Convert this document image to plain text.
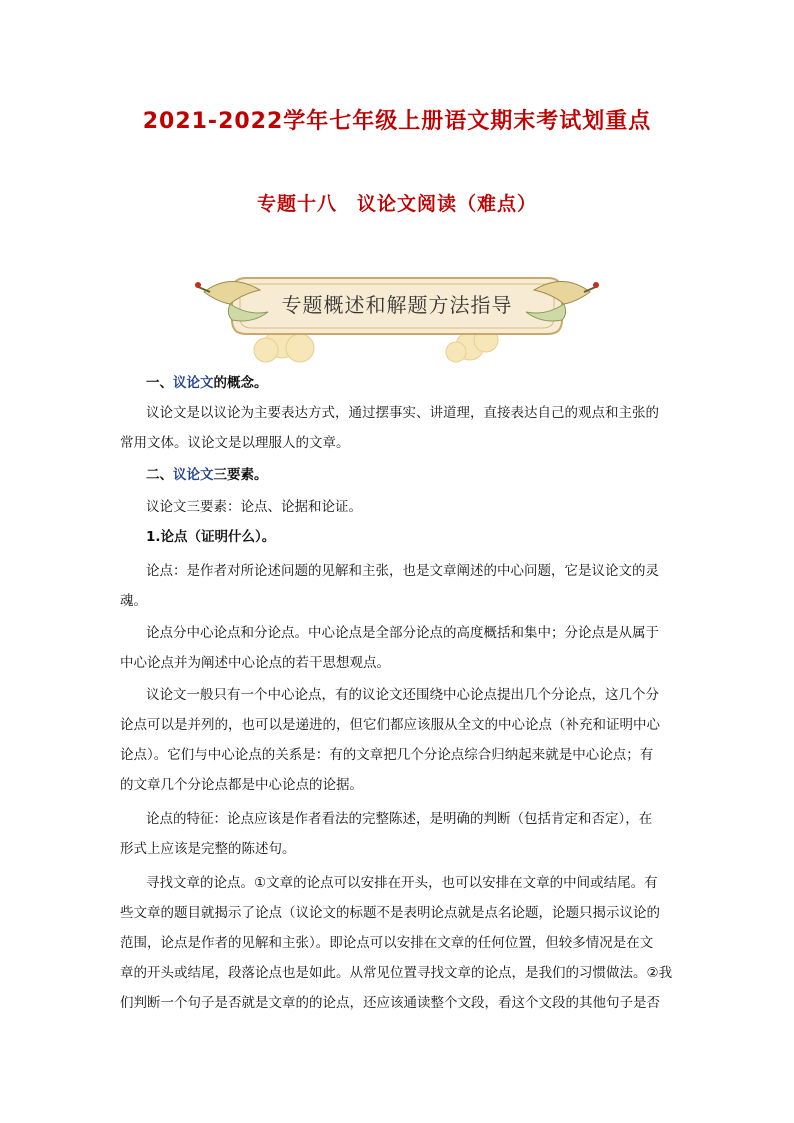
2021-2022学年七年级上册语文期末考试划重点
专题十八　议论文阅读（难点）
专题概述和解题方法指导
一、议论文的概念。
议论文是以议论为主要表达方式，通过摆事实、讲道理，直接表达自己的观点和主张的
常用文体。议论文是以理服人的文章。
二、议论文三要素。
议论文三要素：论点、论据和论证。
1.论点（证明什么）。
论点：是作者对所论述问题的见解和主张，也是文章阐述的中心问题，它是议论文的灵
魂。
论点分中心论点和分论点。中心论点是全部分论点的高度概括和集中；分论点是从属于
中心论点并为阐述中心论点的若干思想观点。
议论文一般只有一个中心论点，有的议论文还围绕中心论点提出几个分论点，这几个分
论点可以是并列的，也可以是递进的，但它们都应该服从全文的中心论点（补充和证明中心
论点）。它们与中心论点的关系是：有的文章把几个分论点综合归纳起来就是中心论点；有
的文章几个分论点都是中心论点的论据。
论点的特征：论点应该是作者看法的完整陈述，是明确的判断（包括肯定和否定），在
形式上应该是完整的陈述句。
寻找文章的论点。①文章的论点可以安排在开头，也可以安排在文章的中间或结尾。有
些文章的题目就揭示了论点（议论文的标题不是表明论点就是点名论题，论题只揭示议论的
范围，论点是作者的见解和主张）。即论点可以安排在文章的任何位置，但较多情况是在文
章的开头或结尾，段落论点也是如此。从常见位置寻找文章的论点，是我们的习惯做法。②我
们判断一个句子是否就是文章的的论点，还应该通读整个文段，看这个文段的其他句子是否
